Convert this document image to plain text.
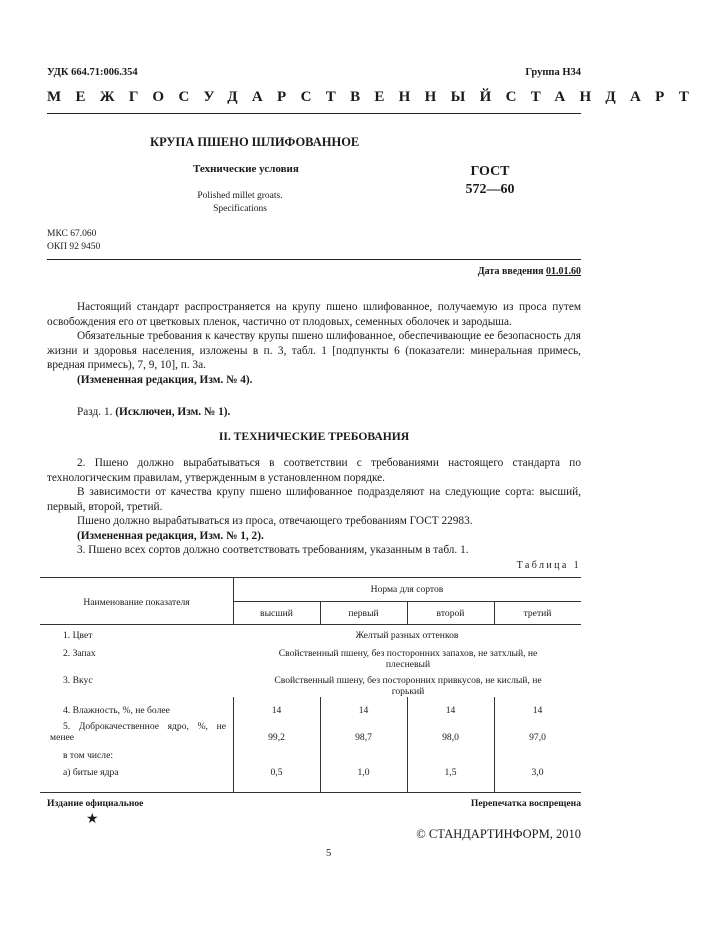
УДК 664.71:006.354	Группа Н34
МЕЖГОСУДАРСТВЕННЫЙ СТАНДАРТ
КРУПА ПШЕНО ШЛИФОВАННОЕ
Технические условия
Polished millet groats.
Specifications
ГОСТ
572—60
МКС 67.060
ОКП 92 9450
Дата введения 01.01.60

Настоящий стандарт распространяется на крупу пшено шлифованное, получаемую из проса путем освобождения его от цветковых пленок, частично от плодовых, семенных оболочек и зародыша.

Обязательные требования к качеству крупы пшено шлифованное, обеспечивающие ее безопасность для жизни и здоровья населения, изложены в п. 3, табл. 1 [подпункты 6 (показатели: минеральная примесь, вредная примесь), 7, 9, 10], п. 3а.

(Измененная редакция, Изм. № 4).

Разд. 1. (Исключен, Изм. № 1).
II. ТЕХНИЧЕСКИЕ ТРЕБОВАНИЯ

2. Пшено должно вырабатываться в соответствии с требованиями настоящего стандарта по технологическим правилам, утвержденным в установленном порядке.

В зависимости от качества крупу пшено шлифованное подразделяют на следующие сорта: высший, первый, второй, третий.

Пшено должно вырабатываться из проса, отвечающего требованиям ГОСТ 22983.

(Измененная редакция, Изм. № 1, 2).

3. Пшено всех сортов должно соответствовать требованиям, указанным в табл. 1.

Таблица 1
Наименование показателя
Норма для сортов
высший	первый	второй	третий
1. Цвет	Желтый разных оттенков
2. Запах	Свойственный пшену, без посторонних запахов, не затхлый, не плесневый
3. Вкус	Свойственный пшену, без посторонних привкусов, не кислый, не горький
4. Влажность, %, не более	14	14	14	14
5. Доброкачественное ядро, %, не менее	99,2	98,7	98,0	97,0
в том числе:
а) битые ядра	0,5	1,0	1,5	3,0
Издание официальное	Перепечатка воспрещена
★
© СТАНДАРТИНФОРМ, 2010
5
